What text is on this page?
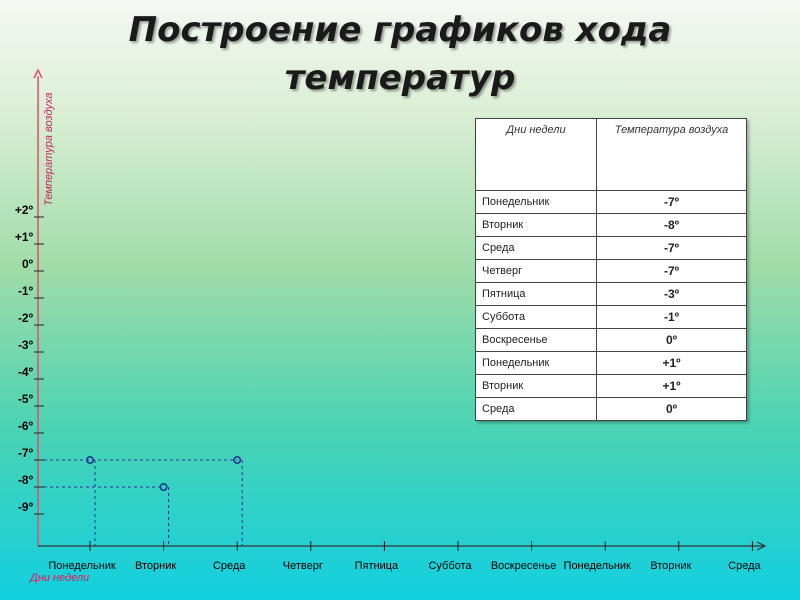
Построение графиков хода
температур
+2º
+1º
0º
-1º
-2º
-3º
-4º
-5º
-6º
-7º
-8º
-9º
Понедельник Вторник	Среда	Четверг	Пятница	Суббота Воскресенье Понедельник Вторник	Среда
Дни недели
Температура воздуха	Дни недели	Температура воздуха
Понедельник	-7º
Вторник	-8º
Среда	-7º
Четверг	-7º
Пятница	-3º
Суббота	-1º
Воскресенье	0º
Понедельник	+1º
Вторник	+1º
Среда	0º
